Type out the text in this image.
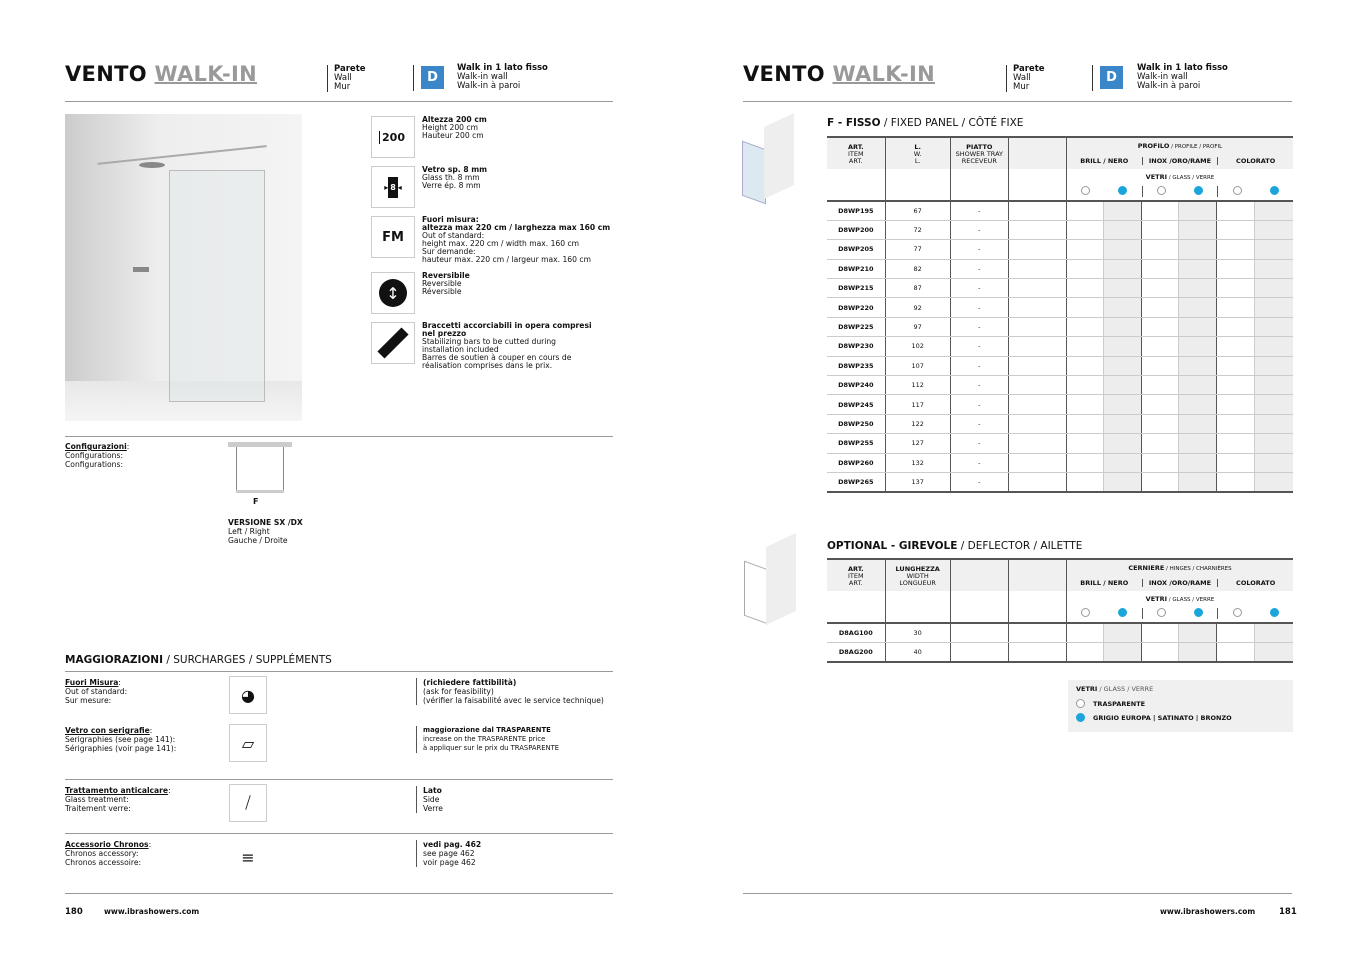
VENTO WALK-IN	Parete
Wall
Mur
D
Walk in 1 lato fisso
Walk-in wall
Walk-in à paroi
200
Altezza 200 cm
Height 200 cm
Hauteur 200 cm
▸ 8 ◂
Vetro sp. 8 mm
Glass th. 8 mm
Verre ép. 8 mm
FM
Fuori misura:
altezza max 220 cm / larghezza max 160 cm
Out of standard:
height max. 220 cm / width max. 160 cm
Sur demande:
hauteur max. 220 cm / largeur max. 160 cm
↕
Reversibile
Reversible
Réversible
Braccetti accorciabili in opera compresi
nel prezzo
Stabilizing bars to be cutted during
installation included
Barres de soutien à couper en cours de
réalisation comprises dans le prix.
Configurazioni:
Configurations:
Configurations:
F
VERSIONE SX /DX
Left / Right
Gauche / Droite
MAGGIORAZIONI / SURCHARGES / SUPPLÉMENTS
Fuori Misura:
Out of standard:
Sur mesure:	◕
(richiedere fattibilità)
(ask for feasibility)
(vérifier la faisabilité avec le service technique)
Vetro con serigrafie:
Serigraphies (see page 141):
Sérigraphies (voir page 141):	▱
maggiorazione dal TRASPARENTE
increase on the TRASPARENTE price
à appliquer sur le prix du TRASPARENTE
Trattamento anticalcare:
Glass treatment:
Traitement verre:	⧸
Lato
Side
Verre
Accessorio Chronos:
Chronos accessory:
Chronos accessoire:	≡
vedi pag. 462
see page 462
voir page 462
180	www.ibrashowers.com
VENTO WALK-IN	Parete
Wall
Mur
D
Walk in 1 lato fisso
Walk-in wall
Walk-in à paroi
F - FISSO / FIXED PANEL / CÔTÉ FIXE
ART.
ITEM
ART.	L.
W.
L.	PIATTO
SHOWER TRAY
RECEVEUR		PROFILO / PROFILE / PROFIL
BRILL / NERO INOX /ORO/RAME COLORATO					

				VETRI / GLASS / VERRE					

D8WP195	67	-							
D8WP200	72	-							
D8WP205	77	-							
D8WP210	82	-							
D8WP215	87	-							
D8WP220	92	-							
D8WP225	97	-							
D8WP230	102	-							
D8WP235	107	-							
D8WP240	112	-							
D8WP245	117	-							
D8WP250	122	-							
D8WP255	127	-							
D8WP260	132	-							
D8WP265	137	-							
OPTIONAL - GIREVOLE / DEFLECTOR / AILETTE
ART.
ITEM
ART.	LUNGHEZZA
WIDTH
LONGUEUR			CERNIERE / HINGES / CHARNIÈRES
BRILL / NERO INOX /ORO/RAME COLORATO					

				VETRI / GLASS / VERRE					

D8AG100	30								
D8AG200	40								
VETRI / GLASS / VERRE
TRASPARENTE
GRIGIO EUROPA | SATINATO | BRONZO
www.ibrashowers.com	181
